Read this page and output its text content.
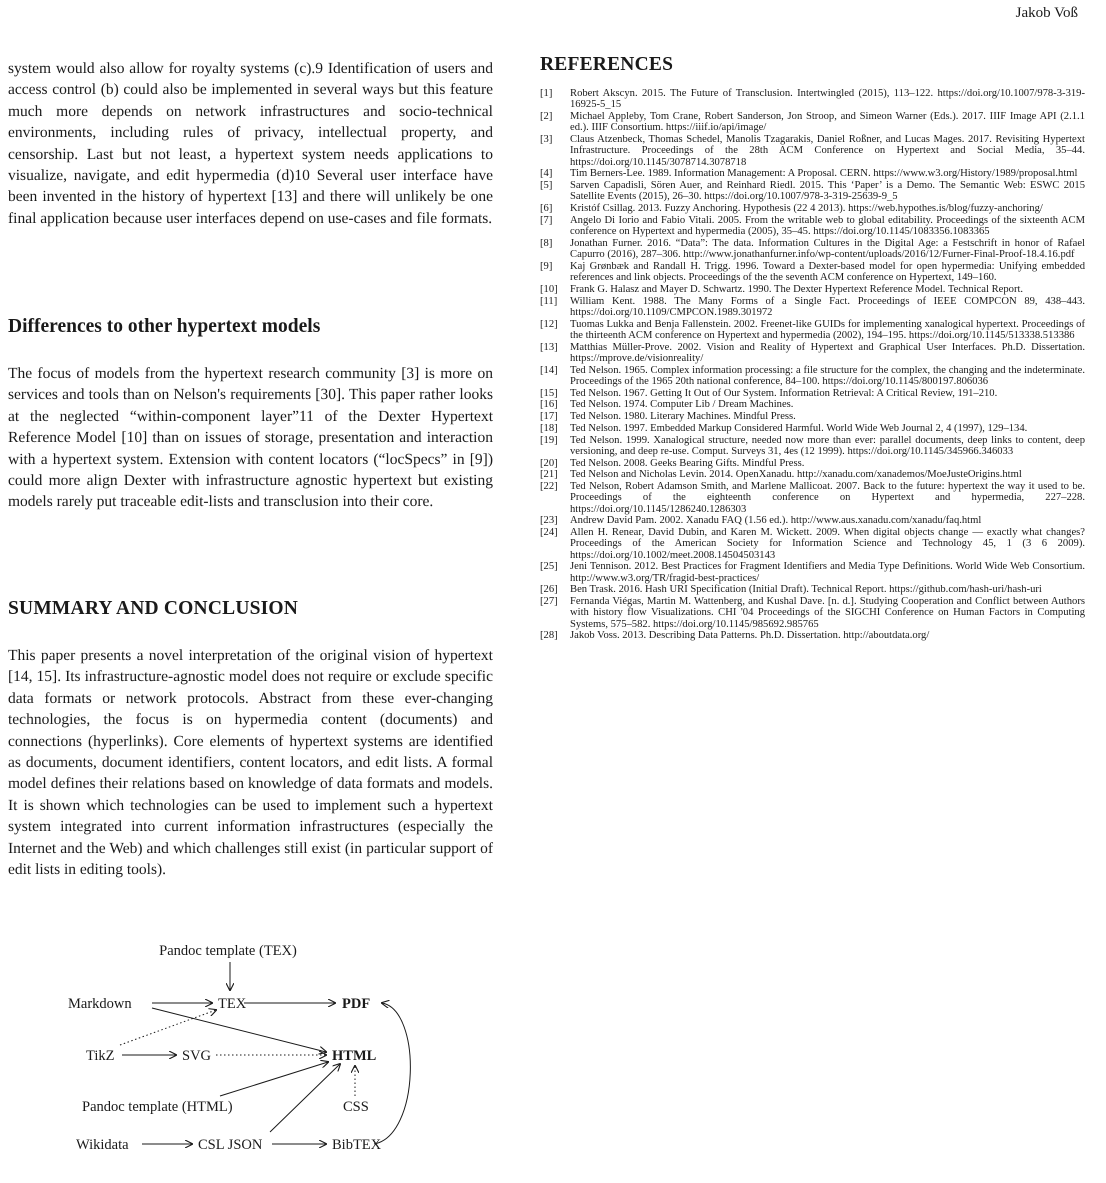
Jakob Voß

system would also allow for royalty systems (c).9 Identification of users and access control (b) could also be implemented in several ways but this feature much more depends on network infrastructures and socio-technical environments, including rules of privacy, intellectual property, and censorship. Last but not least, a hypertext system needs applications to visualize, navigate, and edit hypermedia (d)10 Several user interface have been invented in the history of hypertext [13] and there will unlikely be one final application because user interfaces depend on use-cases and file formats.

Differences to other hypertext models

The focus of models from the hypertext research community [3] is more on services and tools than on Nelson's requirements [30]. This paper rather looks at the neglected “within-component layer”11 of the Dexter Hypertext Reference Model [10] than on issues of storage, presentation and interaction with a hypertext system. Extension with content locators (“locSpecs” in [9]) could more align Dexter with infrastructure agnostic hypertext but existing models rarely put traceable edit-lists and transclusion into their core.

SUMMARY AND CONCLUSION

This paper presents a novel interpretation of the original vision of hypertext [14, 15]. Its infrastructure-agnostic model does not require or exclude specific data formats or network protocols. Abstract from these ever-changing technologies, the focus is on hypermedia content (documents) and connections (hyperlinks). Core elements of hypertext systems are identified as documents, document identifiers, content locators, and edit lists. A formal model defines their relations based on knowledge of data formats and models. It is shown which technologies can be used to implement such a hypertext system integrated into current information infrastructures (especially the Internet and the Web) and which challenges still exist (in particular support of edit lists in editing tools).

Pandoc template (TEX)
Markdown	TEX	PDF
TikZ	SVG	HTML
Pandoc template (HTML)	CSS
Wikidata	CSL JSON	BibTEX
REFERENCES
[1]	Robert Akscyn. 2015. The Future of Transclusion. Intertwingled (2015), 113–122. https://doi.org/10.1007/978-3-319-16925-5_15
[2]	Michael Appleby, Tom Crane, Robert Sanderson, Jon Stroop, and Simeon Warner (Eds.). 2017. IIIF Image API (2.1.1 ed.). IIIF Consortium. https://iiif.io/api/image/
[3]	Claus Atzenbeck, Thomas Schedel, Manolis Tzagarakis, Daniel Roßner, and Lucas Mages. 2017. Revisiting Hypertext Infrastructure. Proceedings of the 28th ACM Conference on Hypertext and Social Media, 35–44. https://doi.org/10.1145/3078714.3078718
[4]	Tim Berners-Lee. 1989. Information Management: A Proposal. CERN. https://www.w3.org/History/1989/proposal.html
[5]	Sarven Capadisli, Sören Auer, and Reinhard Riedl. 2015. This ‘Paper’ is a Demo. The Semantic Web: ESWC 2015 Satellite Events (2015), 26–30. https://doi.org/10.1007/978-3-319-25639-9_5
[6]	Kristóf Csillag. 2013. Fuzzy Anchoring. Hypothesis (22 4 2013). https://web.hypothes.is/blog/fuzzy-anchoring/
[7]	Angelo Di Iorio and Fabio Vitali. 2005. From the writable web to global editability. Proceedings of the sixteenth ACM conference on Hypertext and hypermedia (2005), 35–45. https://doi.org/10.1145/1083356.1083365
[8]	Jonathan Furner. 2016. “Data”: The data. Information Cultures in the Digital Age: a Festschrift in honor of Rafael Capurro (2016), 287–306. http://www.jonathanfurner.info/wp-content/uploads/2016/12/Furner-Final-Proof-18.4.16.pdf
[9]	Kaj Grønbæk and Randall H. Trigg. 1996. Toward a Dexter-based model for open hypermedia: Unifying embedded references and link objects. Proceedings of the the seventh ACM conference on Hypertext, 149–160.
[10]	Frank G. Halasz and Mayer D. Schwartz. 1990. The Dexter Hypertext Reference Model. Technical Report.
[11]	William Kent. 1988. The Many Forms of a Single Fact. Proceedings of IEEE COMPCON 89, 438–443. https://doi.org/10.1109/CMPCON.1989.301972
[12]	Tuomas Lukka and Benja Fallenstein. 2002. Freenet-like GUIDs for implementing xanalogical hypertext. Proceedings of the thirteenth ACM conference on Hypertext and hypermedia (2002), 194–195. https://doi.org/10.1145/513338.513386
[13]	Matthias Müller-Prove. 2002. Vision and Reality of Hypertext and Graphical User Interfaces. Ph.D. Dissertation. https://mprove.de/visionreality/
[14]	Ted Nelson. 1965. Complex information processing: a file structure for the complex, the changing and the indeterminate. Proceedings of the 1965 20th national conference, 84–100. https://doi.org/10.1145/800197.806036
[15]	Ted Nelson. 1967. Getting It Out of Our System. Information Retrieval: A Critical Review, 191–210.
[16]	Ted Nelson. 1974. Computer Lib / Dream Machines.
[17]	Ted Nelson. 1980. Literary Machines. Mindful Press.
[18]	Ted Nelson. 1997. Embedded Markup Considered Harmful. World Wide Web Journal 2, 4 (1997), 129–134.
[19]	Ted Nelson. 1999. Xanalogical structure, needed now more than ever: parallel documents, deep links to content, deep versioning, and deep re-use. Comput. Surveys 31, 4es (12 1999). https://doi.org/10.1145/345966.346033
[20]	Ted Nelson. 2008. Geeks Bearing Gifts. Mindful Press.
[21]	Ted Nelson and Nicholas Levin. 2014. OpenXanadu. http://xanadu.com/xanademos/MoeJusteOrigins.html
[22]	Ted Nelson, Robert Adamson Smith, and Marlene Mallicoat. 2007. Back to the future: hypertext the way it used to be. Proceedings of the eighteenth conference on Hypertext and hypermedia, 227–228. https://doi.org/10.1145/1286240.1286303
[23]	Andrew David Pam. 2002. Xanadu FAQ (1.56 ed.). http://www.aus.xanadu.com/xanadu/faq.html
[24]	Allen H. Renear, David Dubin, and Karen M. Wickett. 2009. When digital objects change — exactly what changes? Proceedings of the American Society for Information Science and Technology 45, 1 (3 6 2009). https://doi.org/10.1002/meet.2008.14504503143
[25]	Jeni Tennison. 2012. Best Practices for Fragment Identifiers and Media Type Definitions. World Wide Web Consortium. http://www.w3.org/TR/fragid-best-practices/
[26]	Ben Trask. 2016. Hash URI Specification (Initial Draft). Technical Report. https://github.com/hash-uri/hash-uri
[27]	Fernanda Viégas, Martin M. Wattenberg, and Kushal Dave. [n. d.]. Studying Cooperation and Conflict between Authors with history flow Visualizations. CHI '04 Proceedings of the SIGCHI Conference on Human Factors in Computing Systems, 575–582. https://doi.org/10.1145/985692.985765
[28]	Jakob Voss. 2013. Describing Data Patterns. Ph.D. Dissertation. http://aboutdata.org/
